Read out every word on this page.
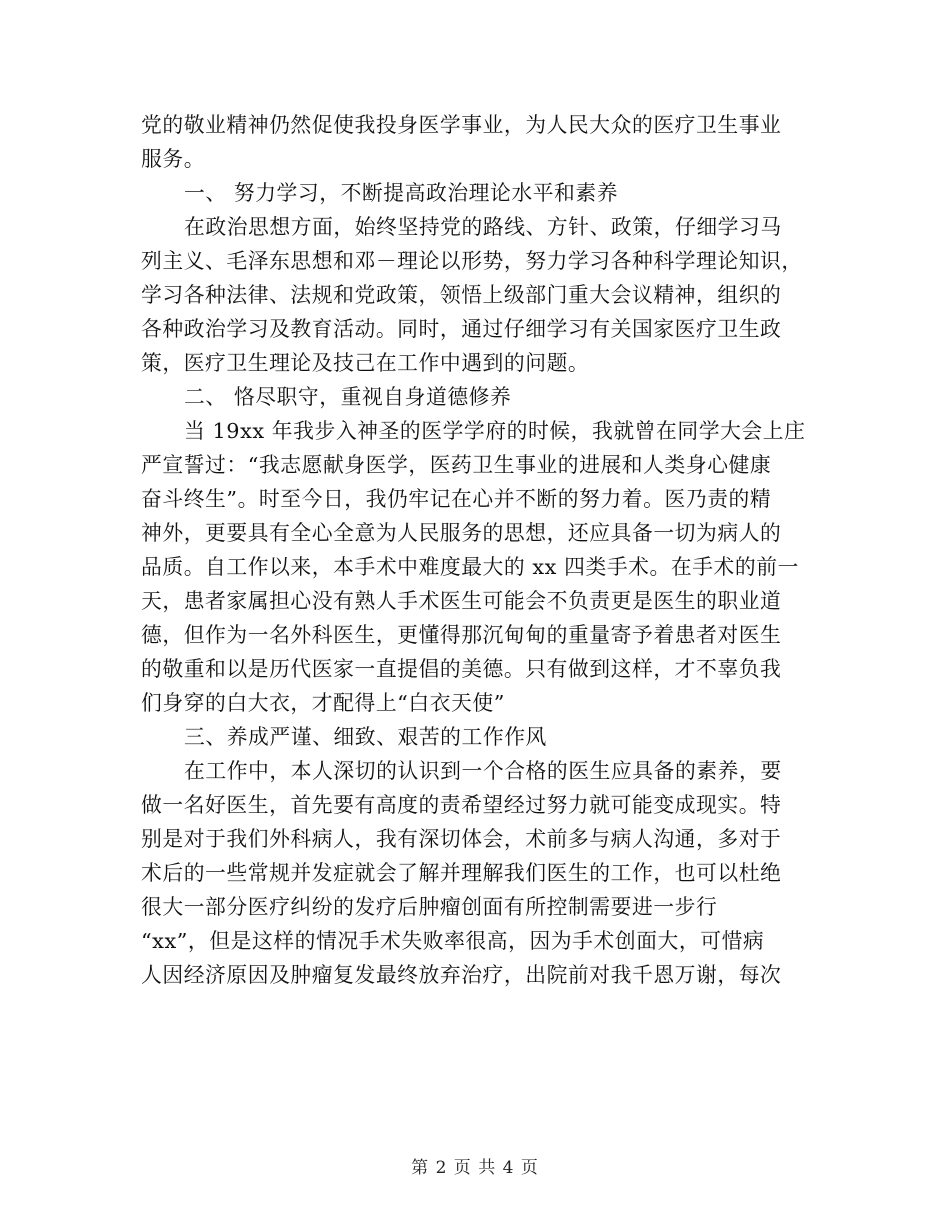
党的敬业精神仍然促使我投身医学事业，为人民大众的医疗卫生事业
服务。
一、 努力学习，不断提高政治理论水平和素养
在政治思想方面，始终坚持党的路线、方针、政策，仔细学习马
列主义、毛泽东思想和邓－理论以形势，努力学习各种科学理论知识，
学习各种法律、法规和党政策，领悟上级部门重大会议精神，组织的
各种政治学习及教育活动。同时，通过仔细学习有关国家医疗卫生政
策，医疗卫生理论及技己在工作中遇到的问题。
二、 恪尽职守，重视自身道德修养
当 19xx 年我步入神圣的医学学府的时候，我就曾在同学大会上庄
严宣誓过：“我志愿献身医学，医药卫生事业的进展和人类身心健康
奋斗终生”。时至今日，我仍牢记在心并不断的努力着。医乃责的精
神外，更要具有全心全意为人民服务的思想，还应具备一切为病人的
品质。自工作以来，本手术中难度最大的 xx 四类手术。在手术的前一
天，患者家属担心没有熟人手术医生可能会不负责更是医生的职业道
德，但作为一名外科医生，更懂得那沉甸甸的重量寄予着患者对医生
的敬重和以是历代医家一直提倡的美德。只有做到这样，才不辜负我
们身穿的白大衣，才配得上“白衣天使”
三、养成严谨、细致、艰苦的工作作风
在工作中，本人深切的认识到一个合格的医生应具备的素养，要
做一名好医生，首先要有高度的责希望经过努力就可能变成现实。特
别是对于我们外科病人，我有深切体会，术前多与病人沟通，多对于
术后的一些常规并发症就会了解并理解我们医生的工作，也可以杜绝
很大一部分医疗纠纷的发疗后肿瘤创面有所控制需要进一步行
“xx”，但是这样的情况手术失败率很高，因为手术创面大，可惜病
人因经济原因及肿瘤复发最终放弃治疗，出院前对我千恩万谢，每次
第 2 页 共 4 页
